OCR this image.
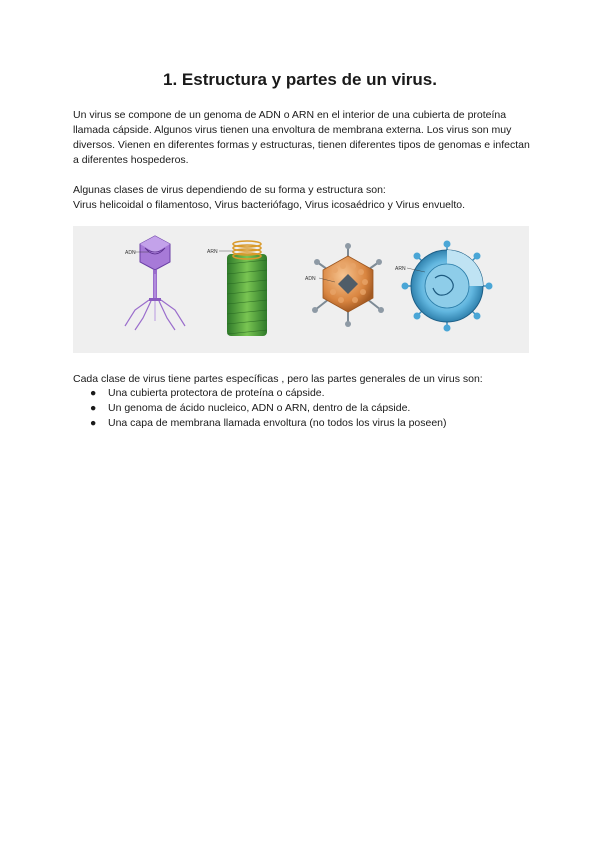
1. Estructura y partes de un virus.
Un virus se compone de un genoma de ADN o ARN en el interior de una cubierta de proteína llamada cápside. Algunos virus tienen una envoltura de membrana externa. Los virus son muy diversos. Vienen en diferentes formas y estructuras, tienen diferentes tipos de genomas e infectan a diferentes hospederos.
Algunas clases de virus dependiendo de su forma y estructura son:
Virus helicoidal o filamentoso, Virus bacteriófago, Virus icosaédrico y Virus envuelto.
ADN	ARN
ADN
ARN
Cada clase de virus tiene partes específicas , pero las partes generales de un virus son:
● Una cubierta protectora de proteína o cápside.
● Un genoma de ácido nucleico, ADN o ARN, dentro de la cápside.
● Una capa de membrana llamada envoltura (no todos los virus la poseen)
